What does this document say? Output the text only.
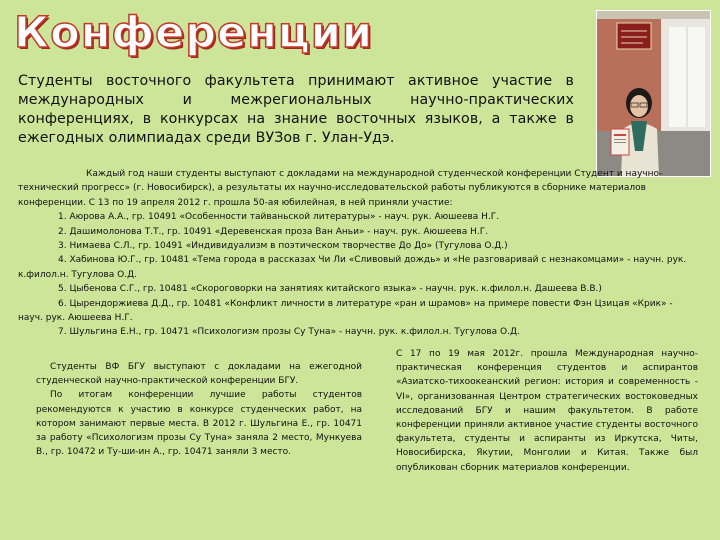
Конференции
Студенты восточного факультета принимают активное участие в международных и межрегиональных научно-практических конференциях, в конкурсах на знание восточных языков, а также в ежегодных олимпиадах среди ВУЗов г. Улан-Удэ.

Каждый год наши студенты выступают с докладами на международной студенческой конференции Студент и научно-технический прогресс» (г. Новосибирск), а результаты их научно-исследовательской работы публикуются в сборнике материалов конференции. С 13 по 19 апреля 2012 г. прошла 50-ая юбилейная, в ней приняли участие:

1. Аюрова А.А., гр. 10491 «Особенности тайваньской литературы» - науч. рук. Аюшеева Н.Г.

2. Дашимолонова Т.Т., гр. 10491 «Деревенская проза Ван Аньи» - науч. рук. Аюшеева Н.Г.

3. Нимаева С.Л., гр. 10491 «Индивидуализм в поэтическом творчестве До До» (Тугулова О.Д.)

4. Хабинова Ю.Г., гр. 10481 «Тема города в рассказах Чи Ли «Сливовый дождь» и «Не разговаривай с незнакомцами» - научн. рук. к.филол.н. Тугулова О.Д.

5. Цыбенова С.Г., гр. 10481 «Скороговорки на занятиях китайского языка» - научн. рук. к.филол.н. Дашеева В.В.)

6. Цырендоржиева Д.Д., гр. 10481 «Конфликт личности в литературе «ран и шрамов» на примере повести Фэн Цзицая «Крик» - науч. рук. Аюшеева Н.Г.

7. Шульгина Е.Н., гр. 10471 «Психологизм прозы Су Туна» - научн. рук. к.филол.н. Тугулова О.Д.

Студенты ВФ БГУ выступают с докладами на ежегодной студенческой научно-практической конференции БГУ.

По итогам конференции лучшие работы студентов рекомендуются к участию в конкурсе студенческих работ, на котором занимают первые места. В 2012 г. Шульгина Е., гр. 10471 за работу «Психологизм прозы Су Туна» заняла 2 место, Мункуева В., гр. 10472 и Ту-ши-ин А., гр. 10471 заняли 3 место.

С 17 по 19 мая 2012г. прошла Международная научно-практическая конференция студентов и аспирантов «Азиатско-тихоокеанский регион: история и современность - VI», организованная Центром стратегических востоковедных исследований БГУ и нашим факультетом. В работе конференции приняли активное участие студенты восточного факультета, студенты и аспиранты из Иркутска, Читы, Новосибирска, Якутии, Монголии и Китая. Также был опубликован сборник материалов конференции.
